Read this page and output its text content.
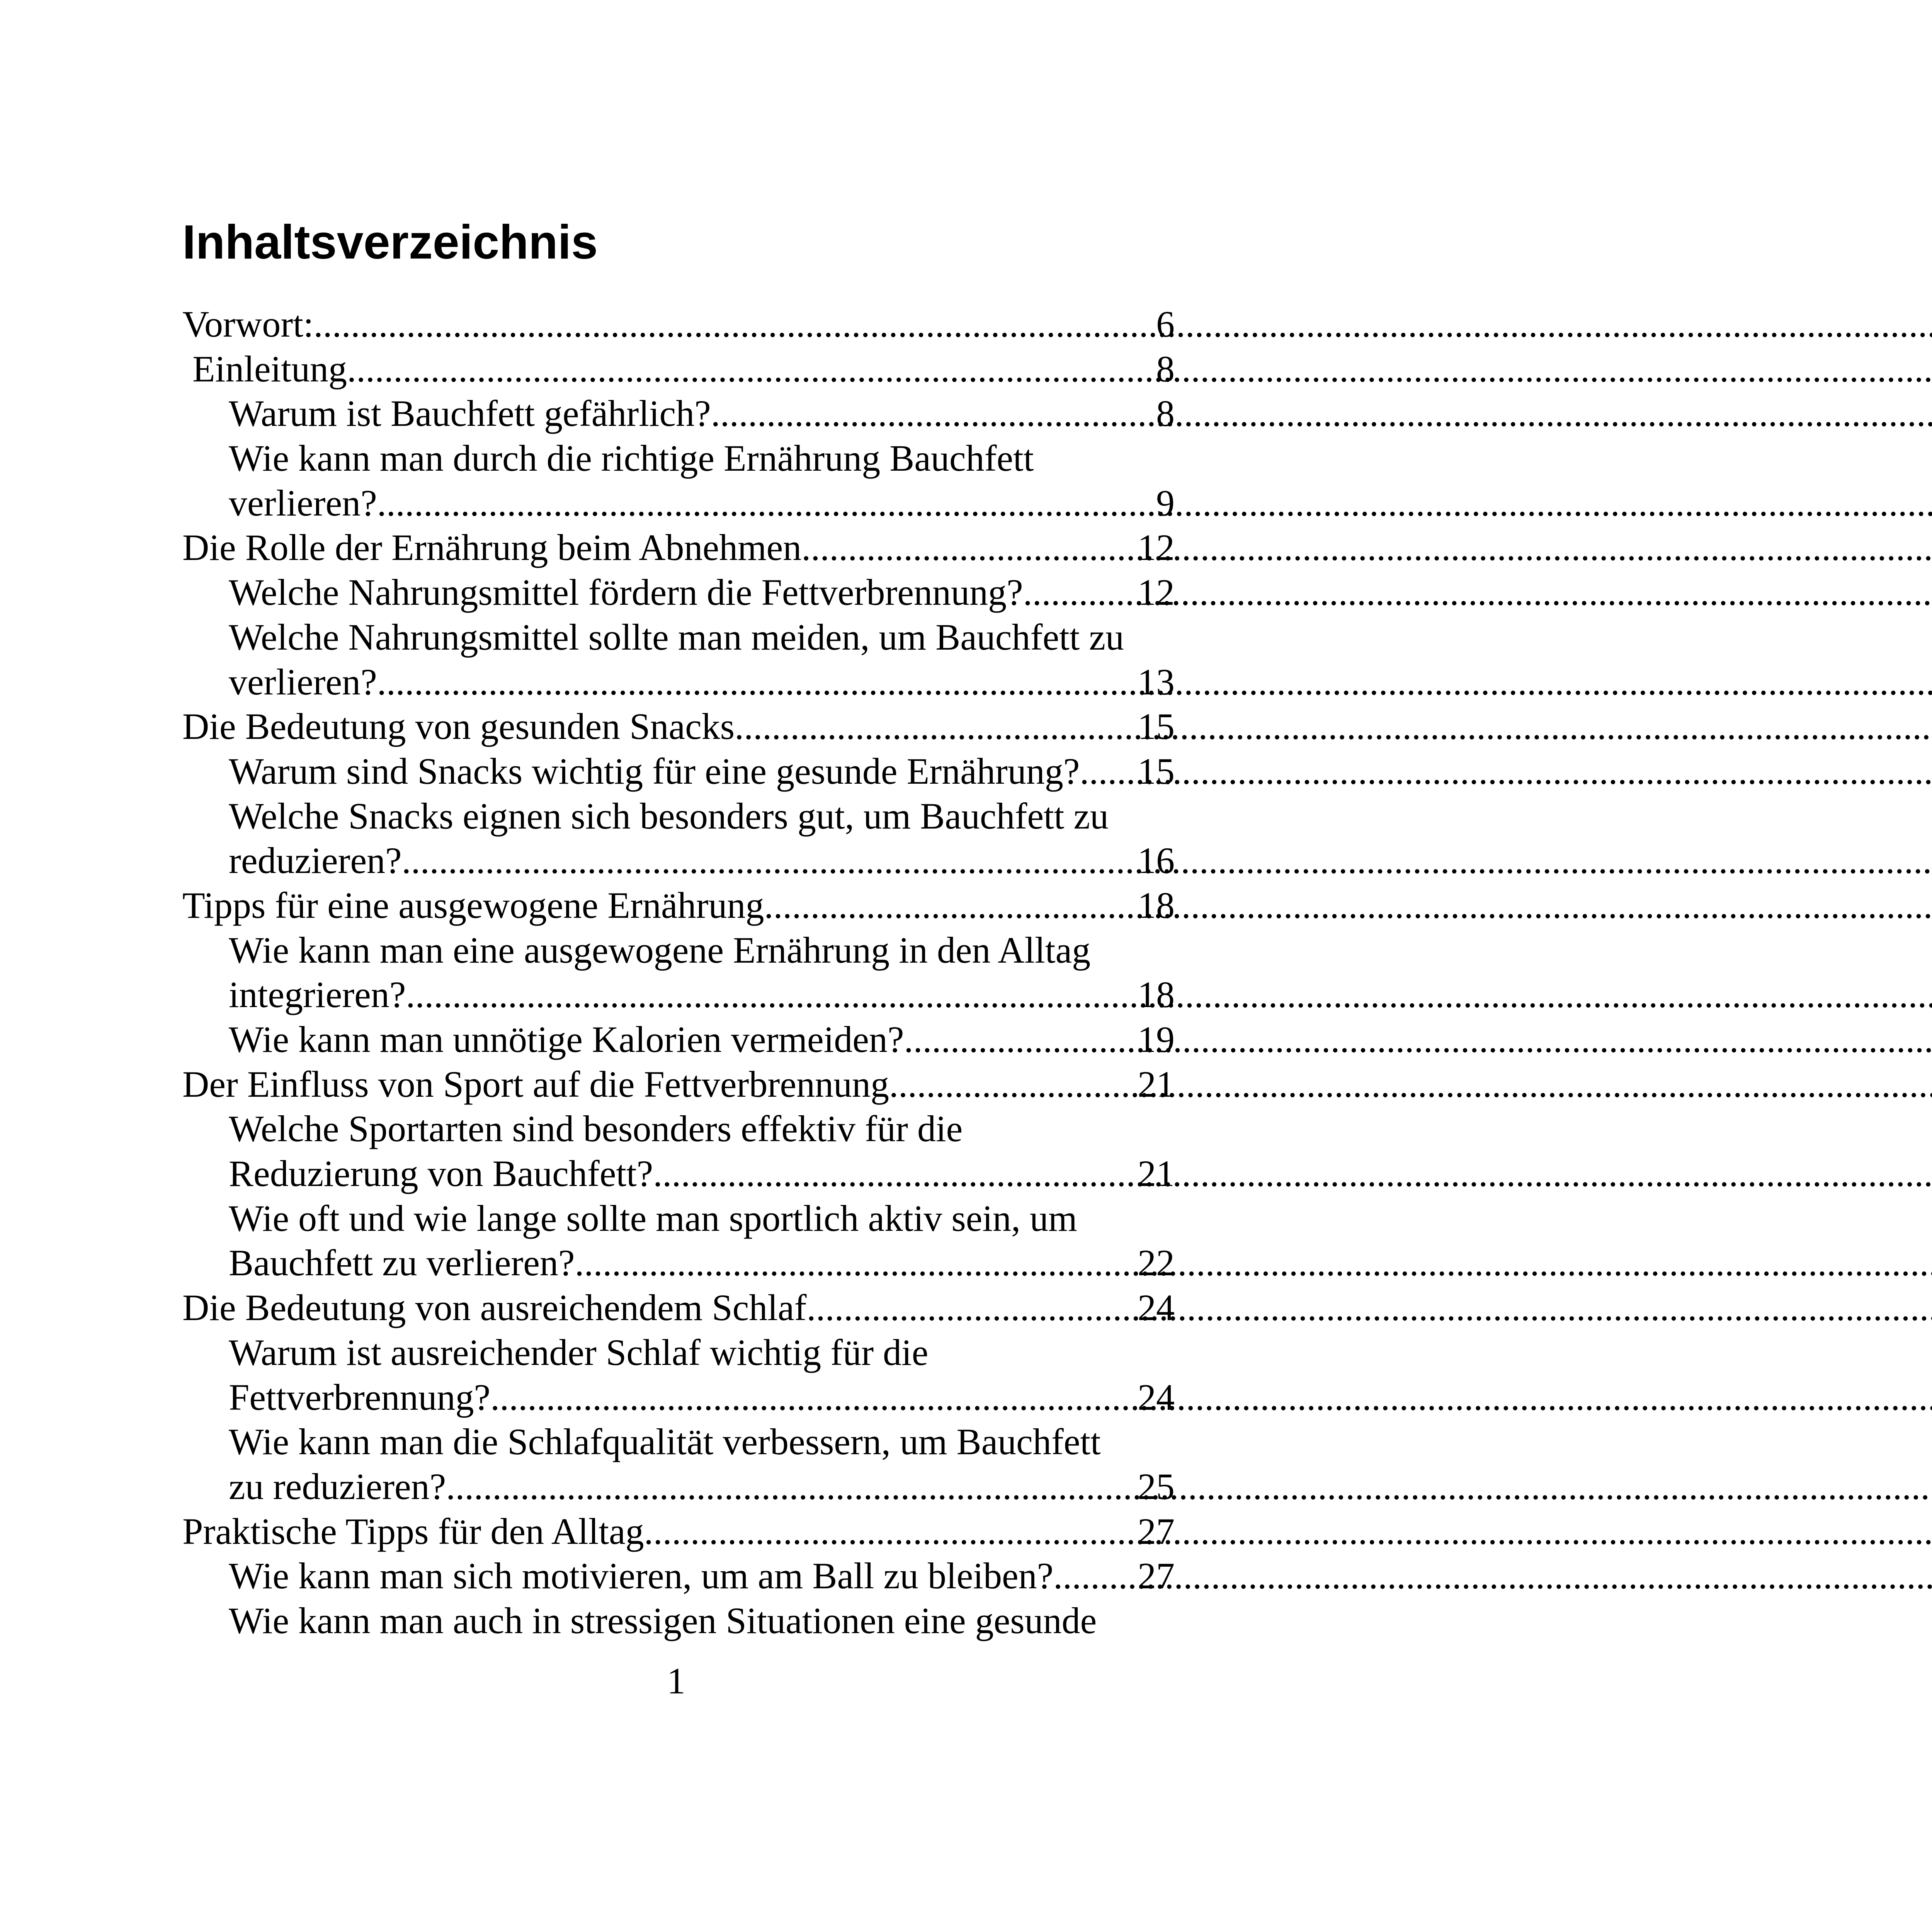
Inhaltsverzeichnis
Vorwort: .....	6
Einleitung .....	8
Warum ist Bauchfett gefährlich? .....	8
Wie kann man durch die richtige Ernährung Bauchfett
verlieren? .....	9
Die Rolle der Ernährung beim Abnehmen .....	12
Welche Nahrungsmittel fördern die Fettverbrennung? .....	12
Welche Nahrungsmittel sollte man meiden, um Bauchfett zu
verlieren? .....	13
Die Bedeutung von gesunden Snacks .....	15
Warum sind Snacks wichtig für eine gesunde Ernährung? ..... 15
Welche Snacks eignen sich besonders gut, um Bauchfett zu
reduzieren? .....	16
Tipps für eine ausgewogene Ernährung .....	18
Wie kann man eine ausgewogene Ernährung in den Alltag
integrieren? .....	18
Wie kann man unnötige Kalorien vermeiden? .....	19
Der Einfluss von Sport auf die Fettverbrennung .....	21
Welche Sportarten sind besonders effektiv für die
Reduzierung von Bauchfett? .....	21
Wie oft und wie lange sollte man sportlich aktiv sein, um
Bauchfett zu verlieren? .....	22
Die Bedeutung von ausreichendem Schlaf .....	24
Warum ist ausreichender Schlaf wichtig für die
Fettverbrennung? .....	24
Wie kann man die Schlafqualität verbessern, um Bauchfett
zu reduzieren? .....	25
Praktische Tipps für den Alltag .....	27
Wie kann man sich motivieren, um am Ball zu bleiben? ..... 27
Wie kann man auch in stressigen Situationen eine gesunde
1
